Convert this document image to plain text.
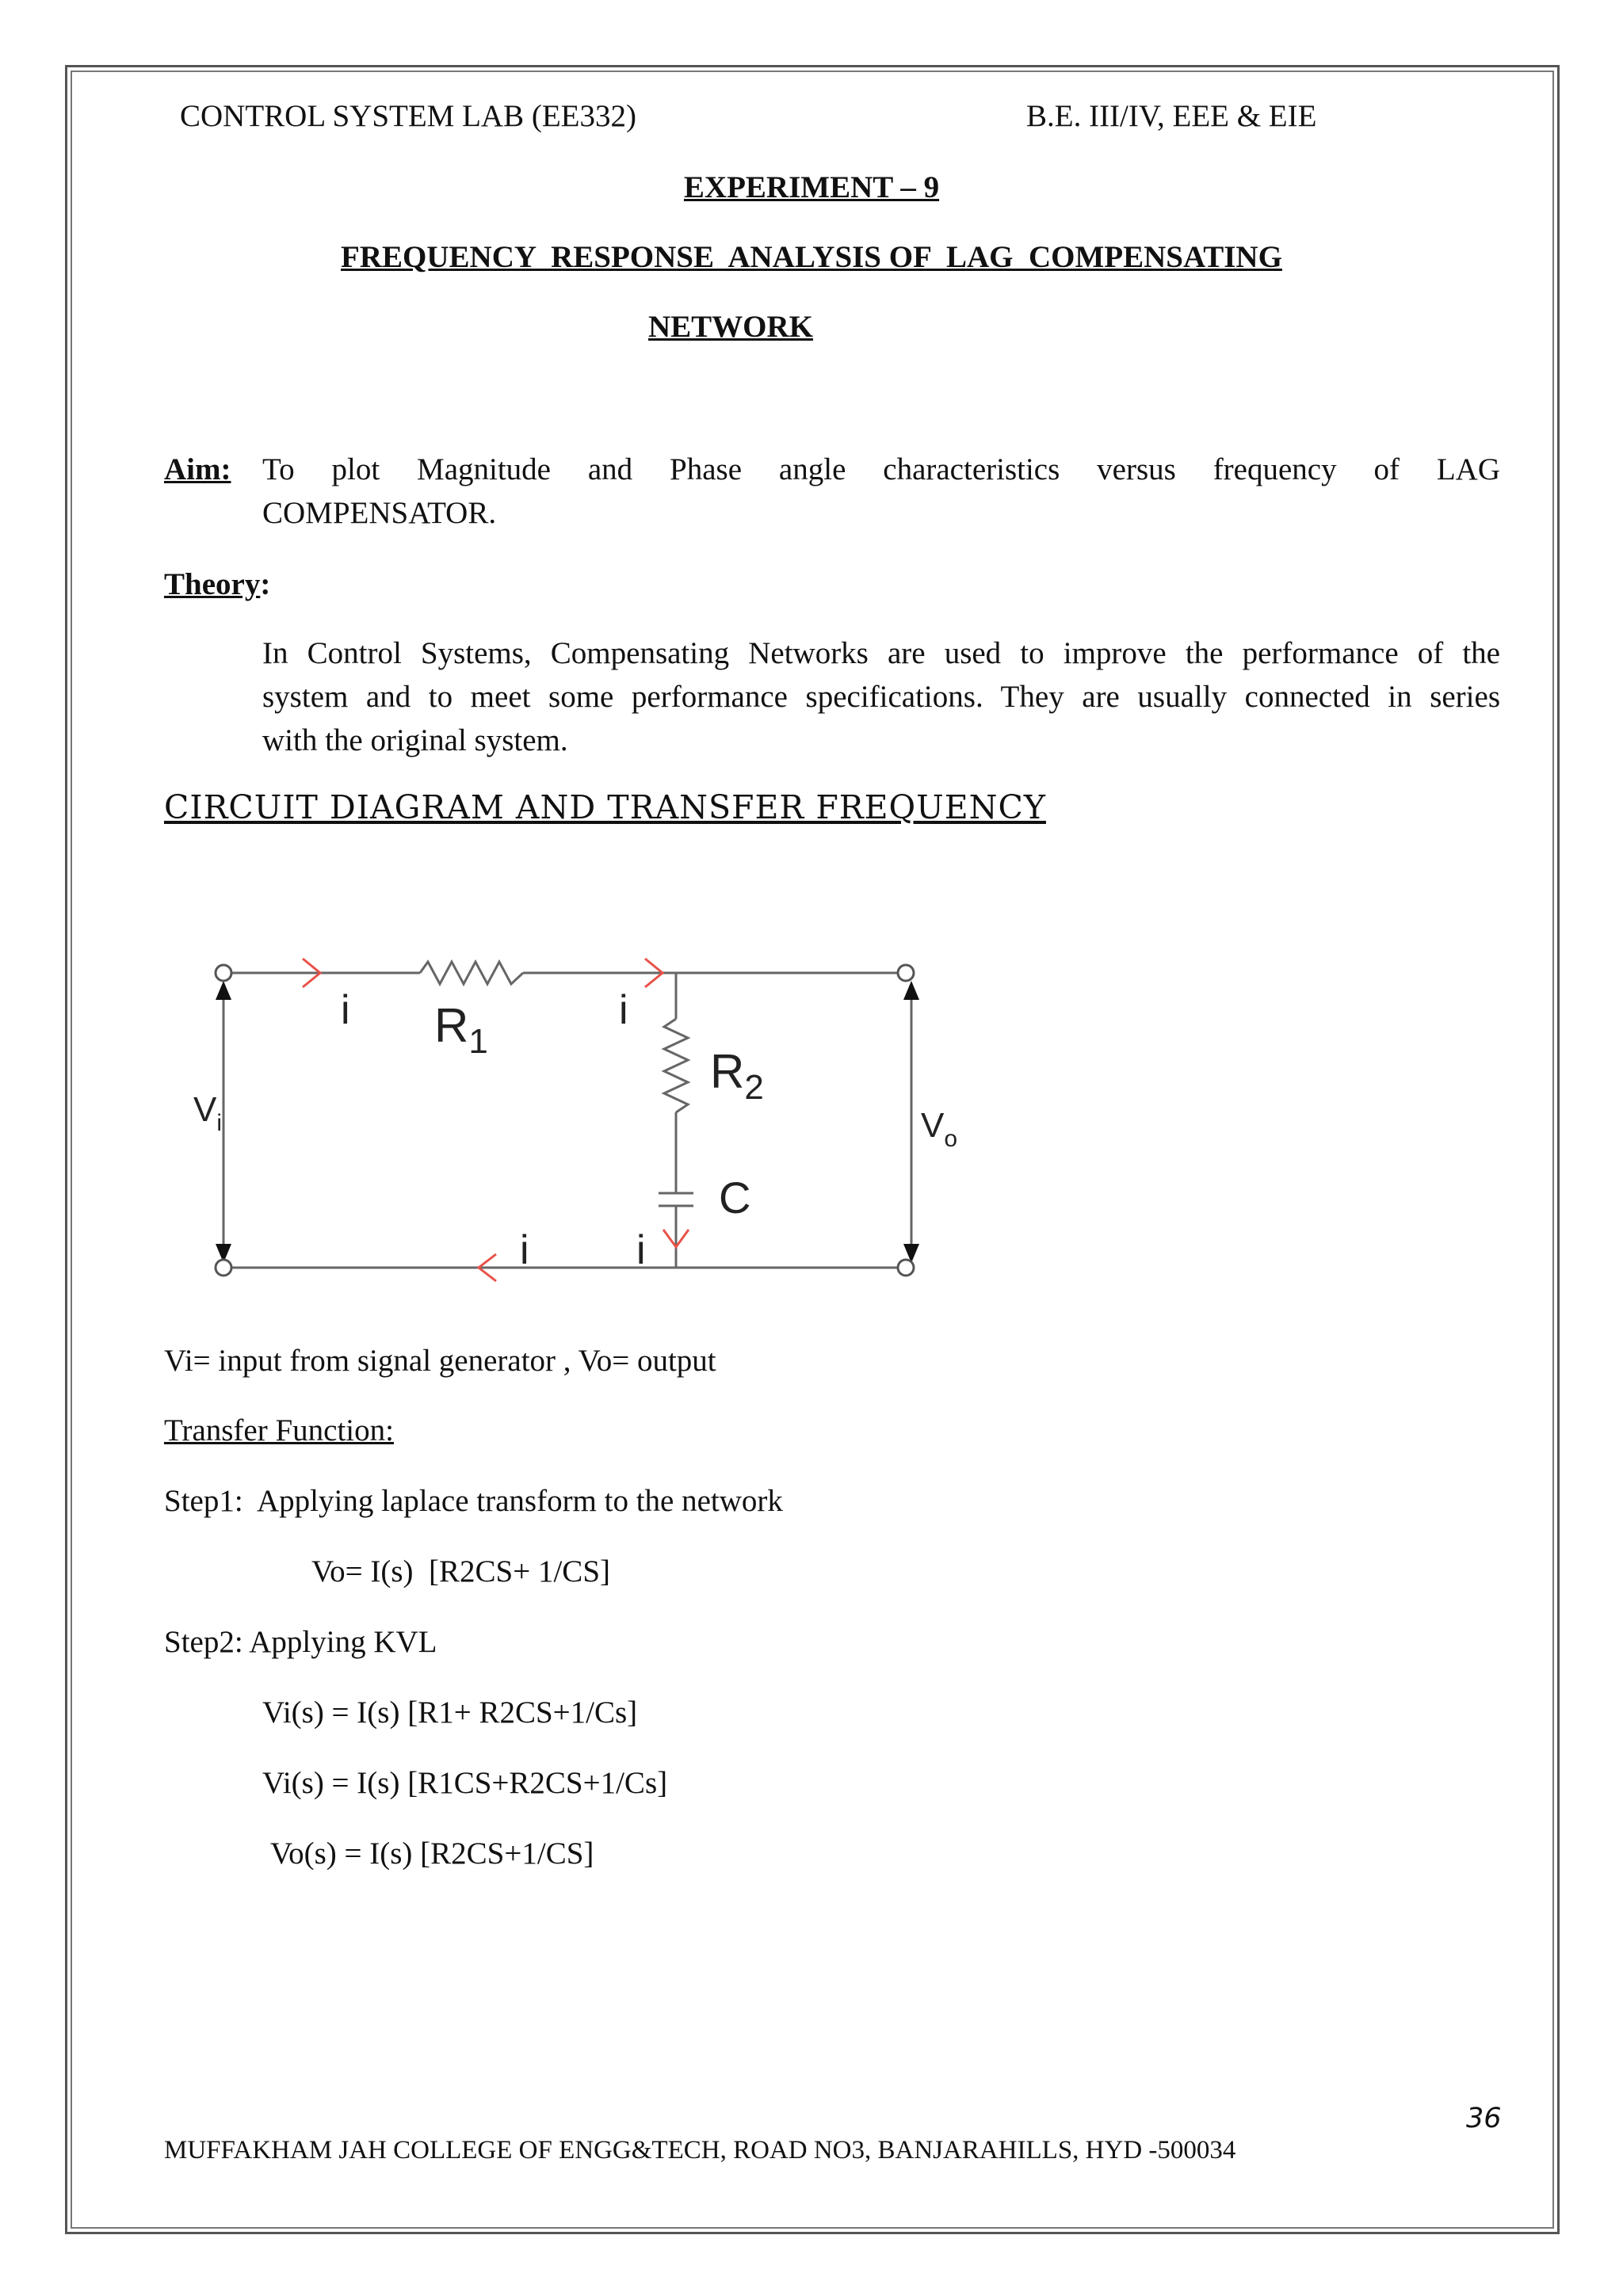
CONTROL SYSTEM LAB (EE332)	B.E. III/IV, EEE & EIE
EXPERIMENT – 9
FREQUENCY  RESPONSE  ANALYSIS OF  LAG  COMPENSATING
NETWORK
Aim: To plot Magnitude and Phase angle characteristics versus frequency of LAG
COMPENSATOR.
Theory:
In Control Systems, Compensating Networks are used to improve the performance of the
system and to meet some performance specifications. They are usually connected in series
with the original system.
CIRCUIT DIAGRAM AND TRANSFER FREQUENCY
i $R_1$
i
$R_2$
C
i	i
$V_i$	$V_o$
Vi= input from signal generator , Vo= output
Transfer Function:
Step1:  Applying laplace transform to the network
Vo= I(s)  [R2CS+ 1/CS]
Step2: Applying KVL
Vi(s) = I(s) [R1+ R2CS+1/Cs]
Vi(s) = I(s) [R1CS+R2CS+1/Cs]
Vo(s) = I(s) [R2CS+1/CS]
36
MUFFAKHAM JAH COLLEGE OF ENGG&TECH, ROAD NO3, BANJARAHILLS, HYD -500034
